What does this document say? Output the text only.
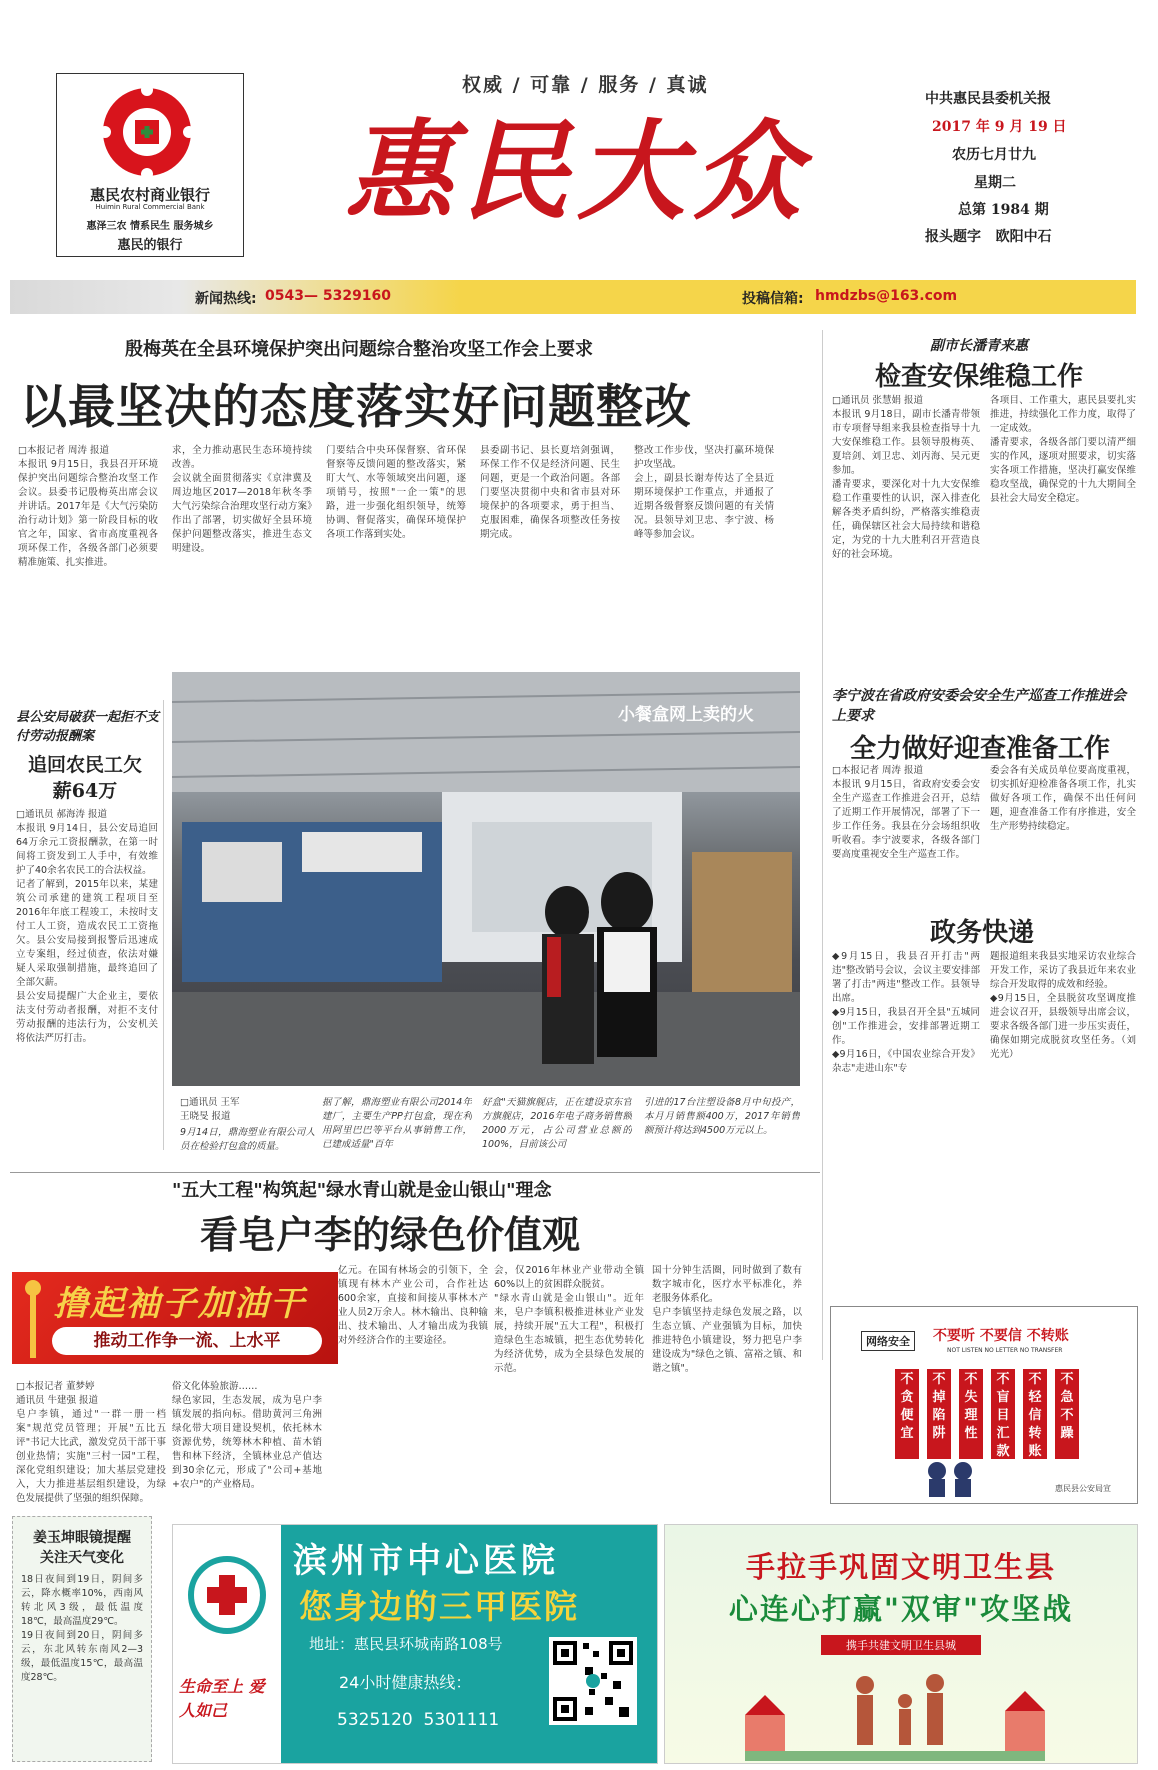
惠民农村商业银行
Huimin Rural Commercial Bank
惠泽三农 情系民生 服务城乡
惠民的银行
权威 / 可靠 / 服务 / 真诚
惠民大众
中共惠民县委机关报
2017 年 9 月 19 日
农历七月廿九
星期二
总第 1984 期
报头题字   欧阳中石
新闻热线: 0543— 5329160	投稿信箱: hmdzbs@163.com
殷梅英在全县环境保护突出问题综合整治攻坚工作会上要求
以最坚决的态度落实好问题整改
□本报记者 周涛 报道
本报讯 9月15日，我县召开环境保护突出问题综合整治攻坚工作会议。县委书记殷梅英出席会议并讲话。2017年是《大气污染防治行动计划》第一阶段目标的收官之年，国家、省市高度重视各项环保工作，各级各部门必须要精准施策、扎实推进。
求，全力推动惠民生态环境持续改善。
会议就全面贯彻落实《京津冀及周边地区2017—2018年秋冬季大气污染综合治理攻坚行动方案》作出了部署，切实做好全县环境保护问题整改落实，推进生态文明建设。
门要结合中央环保督察、省环保督察等反馈问题的整改落实，紧盯大气、水等领域突出问题，逐项销号，按照"一企一策"的思路，进一步强化组织领导，统筹协调、督促落实，确保环境保护各项工作落到实处。
县委副书记、县长夏培剑强调，环保工作不仅是经济问题、民生问题，更是一个政治问题。各部门要坚决贯彻中央和省市县对环境保护的各项要求，勇于担当、克服困难，确保各项整改任务按期完成。
整改工作步伐，坚决打赢环境保护攻坚战。
会上，副县长谢寿传达了全县近期环境保护工作重点，并通报了近期各级督察反馈问题的有关情况。县领导刘卫忠、李宁波、杨峰等参加会议。
副市长潘青来惠
检查安保维稳工作
□通讯员 张慧娟 报道
本报讯 9月18日，副市长潘青带领市专项督导组来我县检查指导十九大安保维稳工作。县领导殷梅英、夏培剑、刘卫忠、刘丙海、吴元更参加。
潘青要求，要深化对十九大安保维稳工作重要性的认识，深入排查化解各类矛盾纠纷，严格落实维稳责任，确保辖区社会大局持续和谐稳定，为党的十九大胜利召开营造良好的社会环境。
各项目、工作重大，惠民县要扎实推进，持续强化工作力度，取得了一定成效。
潘青要求，各级各部门要以清严细实的作风，逐项对照要求，切实落实各项工作措施，坚决打赢安保维稳攻坚战，确保党的十九大期间全县社会大局安全稳定。
李宁波在省政府安委会安全生产巡查工作推进会上要求
全力做好迎查准备工作
□本报记者 周涛 报道
本报讯 9月15日，省政府安委会安全生产巡查工作推进会召开，总结了近期工作开展情况，部署了下一步工作任务。我县在分会场组织收听收看。李宁波要求，各级各部门要高度重视安全生产巡查工作。
委会各有关成员单位要高度重视，切实抓好迎检准备各项工作，扎实做好各项工作，确保不出任何问题，迎查准备工作有序推进，安全生产形势持续稳定。
县公安局破获一起拒不支付劳动报酬案
追回农民工欠薪64万
□通讯员 郝海涛 报道
本报讯 9月14日，县公安局追回64万余元工资报酬款，在第一时间将工资发到工人手中，有效维护了40余名农民工的合法权益。
记者了解到，2015年以来，某建筑公司承建的建筑工程项目至2016年年底工程竣工，未按时支付工人工资，造成农民工工资拖欠。县公安局接到报警后迅速成立专案组，经过侦查，依法对嫌疑人采取强制措施，最终追回了全部欠薪。
县公安局提醒广大企业主，要依法支付劳动者报酬，对拒不支付劳动报酬的违法行为，公安机关将依法严厉打击。
小餐盒网上卖的火
□通讯员 王军
王晓旻 报道
9月14日，鼎海塑业有限公司人员在检验打包盒的质量。
据了解，鼎海塑业有限公司2014年建厂，主要生产PP打包盒，现在利用阿里巴巴等平台从事销售工作，已建成适量"百年
好盒"天猫旗舰店，正在建设京东官方旗舰店，2016年电子商务销售额2000万元，占公司营业总额的100%，目前该公司
引进的17台注塑设备8月中旬投产，本月月销售额400万，2017年销售额预计将达到4500万元以上。
政务快递
◆9月15日，我县召开打击"两违"整改销号会议，会议主要安排部署了打击"两违"整改工作。县领导出席。
◆9月15日，我县召开全县"五城同创"工作推进会，安排部署近期工作。
◆9月16日，《中国农业综合开发》杂志"走进山东"专
题报道组来我县实地采访农业综合开发工作，采访了我县近年来农业综合开发取得的成效和经验。
◆9月15日，全县脱贫攻坚调度推进会议召开，县级领导出席会议，要求各级各部门进一步压实责任，确保如期完成脱贫攻坚任务。（刘光光）
"五大工程"构筑起"绿水青山就是金山银山"理念
看皂户李的绿色价值观
撸起袖子加油干
推动工作争一流、上水平
□本报记者 董梦婷
通讯员 牛建强 报道
皂户李镇，通过"一群一册一档案"规范党员管理；开展"五比五评"书记大比武，激发党员干部干事创业热情；实施"三村一园"工程，深化党组织建设；加大基层党建投入，大力推进基层组织建设，为绿色发展提供了坚强的组织保障。
俗文化体验旅游……
绿色家园，生态发展，成为皂户李镇发展的指向标。借助黄河三角洲绿化带大项目建设契机，依托林木资源优势，统筹林木种植、苗木销售和林下经济，全镇林业总产值达到30余亿元，形成了"公司+基地+农户"的产业格局。
亿元。在国有林场会的引领下，全镇现有林木产业公司，合作社达600余家，直接和间接从事林木产业人员2万余人。林木输出、良种输出、技术输出、人才输出成为我镇对外经济合作的主要途径。
会，仅2016年林业产业带动全镇60%以上的贫困群众脱贫。
"绿水青山就是金山银山"。近年来，皂户李镇积极推进林业产业发展，持续开展"五大工程"，积极打造绿色生态城镇，把生态优势转化为经济优势，成为全县绿色发展的示范。
国十分钟生活圈，同时做到了数有数字城市化，医疗水平标准化，养老服务体系化。
皂户李镇坚持走绿色发展之路，以生态立镇、产业强镇为目标，加快推进特色小镇建设，努力把皂户李建设成为"绿色之镇、富裕之镇、和谐之镇"。
网络安全	不要听 不要信 不转账
NOT LISTEN NO LETTER NO TRANSFER
不贪便宜
不掉陷阱
不失理性
不盲目汇款
不轻信转账
不急不躁
惠民县公安局宣
姜玉坤眼镜提醒
关注天气变化
18日夜间到19日，阴间多云，降水概率10%，西南风转北风3级，最低温度18℃，最高温度29℃。
19日夜间到20日，阴间多云，东北风转东南风2—3级，最低温度15℃，最高温度28℃。	生命至上 爱人如己
滨州市中心医院
您身边的三甲医院
地址：惠民县环城南路108号
24小时健康热线：
5325120  5301111
手拉手巩固文明卫生县
心连心打赢"双审"攻坚战
携手共建文明卫生县城
